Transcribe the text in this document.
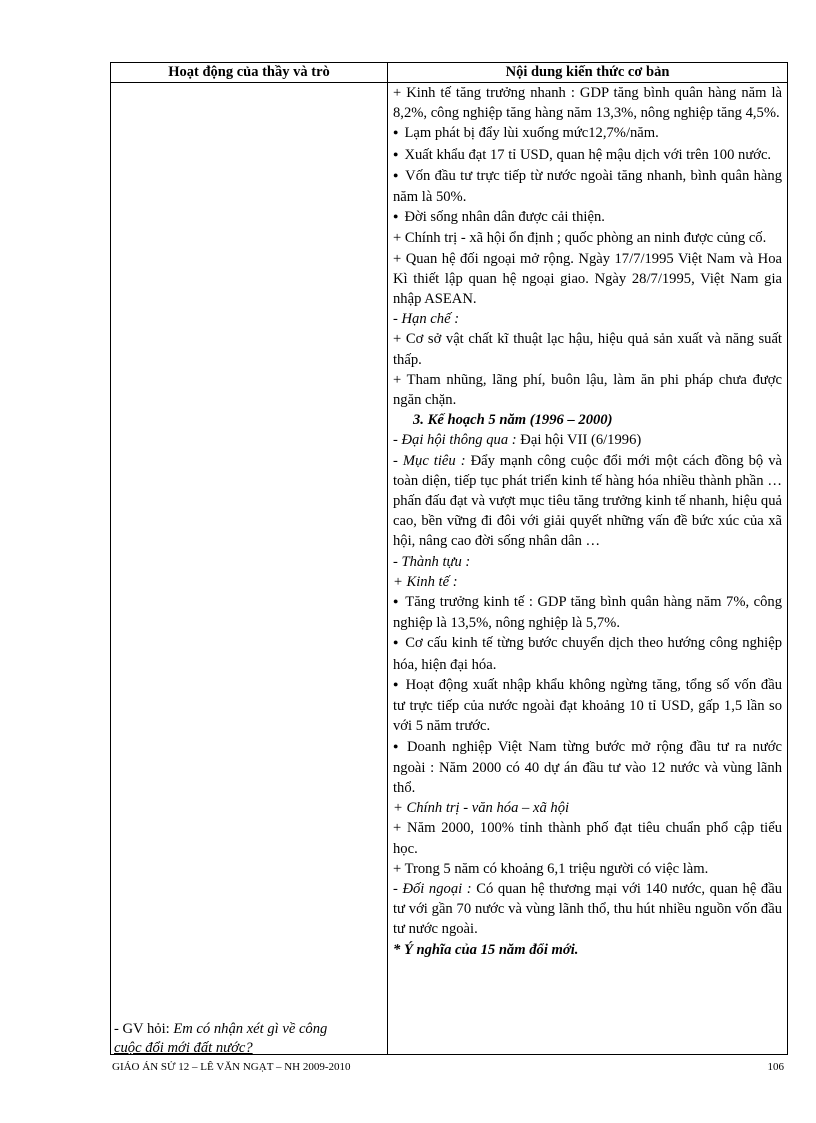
Hoạt động của thầy và trò	Nội dung kiến thức cơ bản

+ Kinh tế tăng trưởng nhanh : GDP tăng bình quân hàng năm là 8,2%, công nghiệp tăng hàng năm 13,3%, nông nghiệp tăng 4,5%.

● Lạm phát bị đẩy lùi xuống mức12,7%/năm.

● Xuất khẩu đạt 17 tỉ USD, quan hệ mậu dịch với trên 100 nước.

● Vốn đầu tư trực tiếp từ nước ngoài tăng nhanh, bình quân hàng năm là 50%.

● Đời sống nhân dân được cải thiện.

+ Chính trị - xã hội ổn định ; quốc phòng an ninh được củng cố.

+ Quan hệ đối ngoại mở rộng. Ngày 17/7/1995 Việt Nam và Hoa Kì thiết lập quan hệ ngoại giao. Ngày 28/7/1995, Việt Nam gia nhập ASEAN.

- Hạn chế :

+ Cơ sở vật chất kĩ thuật lạc hậu, hiệu quả sản xuất và năng suất thấp.

+ Tham nhũng, lãng phí, buôn lậu, làm ăn phi pháp chưa được ngăn chặn.

3. Kế hoạch 5 năm (1996 – 2000)

- Đại hội thông qua : Đại hội VII (6/1996)

- Mục tiêu : Đẩy mạnh công cuộc đổi mới một cách đồng bộ và toàn diện, tiếp tục phát triển kinh tế hàng hóa nhiều thành phần … phấn đấu đạt và vượt mục tiêu tăng trưởng kinh tế nhanh, hiệu quả cao, bền vững đi đôi với giải quyết những vấn đề bức xúc của xã hội, nâng cao đời sống nhân dân …

- Thành tựu :

+ Kinh tế :

● Tăng trưởng kinh tế : GDP tăng bình quân hàng năm 7%, công nghiệp là 13,5%, nông nghiệp là 5,7%.

● Cơ cấu kinh tế từng bước chuyển dịch theo hướng công nghiệp hóa, hiện đại hóa.

● Hoạt động xuất nhập khẩu không ngừng tăng, tổng số vốn đầu tư trực tiếp của nước ngoài đạt khoảng 10 tỉ USD, gấp 1,5 lần so với 5 năm trước.

● Doanh nghiệp Việt Nam từng bước mở rộng đầu tư ra nước ngoài : Năm 2000 có 40 dự án đầu tư vào 12 nước và vùng lãnh thổ.

+ Chính trị - văn hóa – xã hội

+ Năm 2000, 100% tỉnh thành phố đạt tiêu chuẩn phổ cập tiểu học.

+ Trong 5 năm có khoảng 6,1 triệu người có việc làm.

- Đối ngoại : Có quan hệ thương mại với 140 nước, quan hệ đầu tư với gần 70 nước và vùng lãnh thổ, thu hút nhiều nguồn vốn đầu tư nước ngoài.

* Ý nghĩa của 15 năm đổi mới.

- GV hỏi: Em có nhận xét gì về công
cuộc đổi mới đất nước?
GIÁO ÁN SỬ 12 – LÊ VĂN NGẠT – NH 2009-2010	106
